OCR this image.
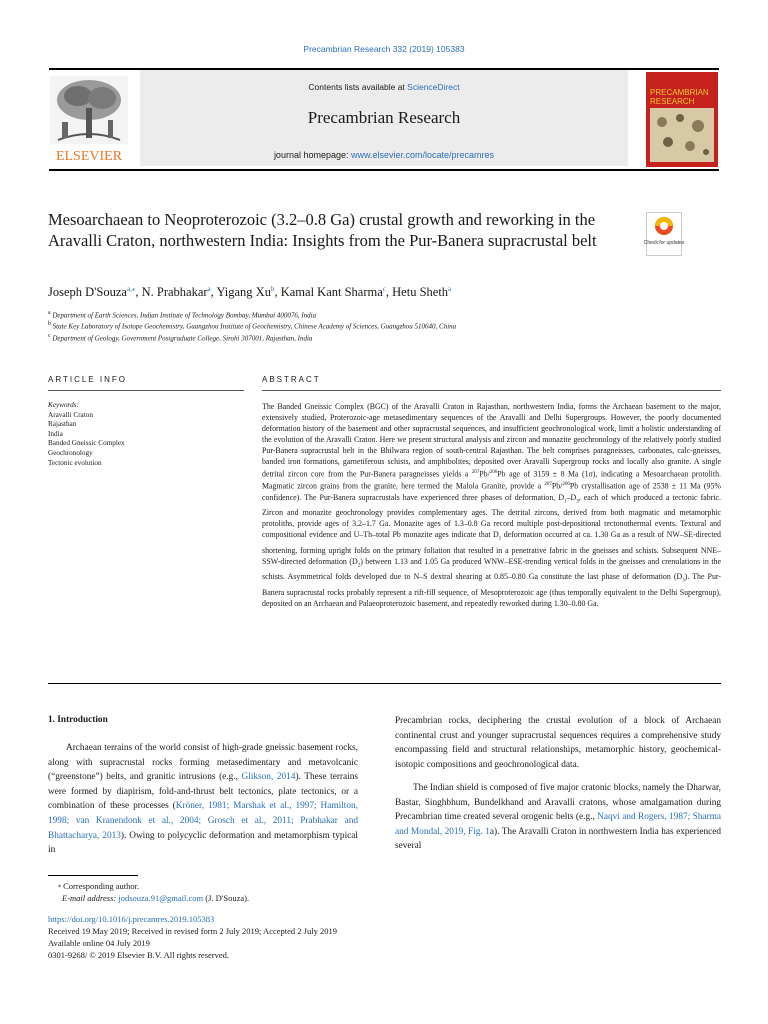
Precambrian Research 332 (2019) 105383
ELSEVIER
Contents lists available at ScienceDirect
Precambrian Research
journal homepage: www.elsevier.com/locate/precamres
PRECAMBRIAN RESEARCH
Mesoarchaean to Neoproterozoic (3.2–0.8 Ga) crustal growth and reworking in the Aravalli Craton, northwestern India: Insights from the Pur-Banera supracrustal belt	Check for updates
Joseph D'Souza$^{a,⁎}$, N. Prabhakar$^a$, Yigang Xu$^b$, Kamal Kant Sharma$^c$, Hetu Sheth$^a$
$^a$ Department of Earth Sciences, Indian Institute of Technology Bombay, Mumbai 400076, India
$^b$ State Key Laboratory of Isotope Geochemistry, Guangzhou Institute of Geochemistry, Chinese Academy of Sciences, Guangzhou 510640, China
$^c$ Department of Geology, Government Postgraduate College, Sirohi 307001, Rajasthan, India
ARTICLE INFO	ABSTRACT
Keywords:
Aravalli Craton
Rajasthan
India
Banded Gneissic Complex
Geochronology
Tectonic evolution
The Banded Gneissic Complex (BGC) of the Aravalli Craton in Rajasthan, northwestern India, forms the Archaean basement to the major, extensively studied, Proterozoic-age metasedimentary sequences of the Aravalli and Delhi Supergroups. However, the poorly documented deformation history of the basement and other supracrustal sequences, and insufficient geochronological work, limit a holistic understanding of the evolution of the Aravalli Craton. Here we present structural analysis and zircon and monazite geochronology of the relatively poorly studied Pur-Banera supracrustal belt in the Bhilwara region of south-central Rajasthan. The belt comprises paragneisses, carbonates, calc-gneisses, banded iron formations, garnetiferous schists, and amphibolites, deposited over Aravalli Supergroup rocks and locally also granite. A single detrital zircon core from the Pur-Banera paragneisses yields a $^{207}$Pb/$^{206}$Pb age of 3159 ± 8 Ma (1σ), indicating a Mesoarchaean protolith. Magmatic zircon grains from the granite, here termed the Malola Granite, provide a $^{207}$Pb/$^{206}$Pb crystallisation age of 2538 ± 11 Ma (95% confidence). The Pur-Banera supracrustals have experienced three phases of deformation, $D_1-D_3$, each of which produced a tectonic fabric. Zircon and monazite geochronology provides complementary ages. The detrital zircons, derived from both magmatic and metamorphic protoliths, provide ages of 3.2–1.7 Ga. Monazite ages of 1.3–0.8 Ga record multiple post-depositional tectonothermal events. Textural and compositional evidence and U–Th–total Pb monazite ages indicate that $D_1$ deformation occurred at ca. 1.30 Ga as a result of NW–SE-directed shortening, forming upright folds on the primary foliation that resulted in a penetrative fabric in the gneisses and schists. Subsequent NNE–SSW-directed deformation $(D_2)$ between 1.13 and 1.05 Ga produced WNW–ESE-trending vertical folds in the gneisses and crenulations in the schists. Asymmetrical folds developed due to N–S dextral shearing at 0.85–0.80 Ga constitute the last phase of deformation $(D_3)$. The Pur-Banera supracrustal rocks probably represent a rift-fill sequence, of Mesoproterozoic age (thus temporally equivalent to the Delhi Supergroup), deposited on an Archaean and Palaeoproterozoic basement, and repeatedly reworked during 1.30–0.80 Ga.
1. Introduction
Archaean terrains of the world consist of high-grade gneissic basement rocks, along with supracrustal rocks forming metasedimentary and metavolcanic (“greenstone”) belts, and granitic intrusions (e.g., Glikson, 2014). These terrains were formed by diapirism, fold-and-thrust belt tectonics, plate tectonics, or a combination of these processes (Kröner, 1981; Marshak et al., 1997; Hamilton, 1998; van Kranendonk et al., 2004; Grosch et al., 2011; Prabhakar and Bhattacharya, 2013). Owing to polycyclic deformation and metamorphism typical in
Precambrian rocks, deciphering the crustal evolution of a block of Archaean continental crust and younger supracrustal sequences requires a comprehensive study encompassing field and structural relationships, metamorphic history, geochemical-isotopic compositions and geochronological data.
The Indian shield is composed of five major cratonic blocks, namely the Dharwar, Bastar, Singhbhum, Bundelkhand and Aravalli cratons, whose amalgamation during Precambrian time created several orogenic belts (e.g., Naqvi and Rogers, 1987; Sharma and Mondal, 2019, Fig. 1a). The Aravalli Craton in northwestern India has experienced several
⁎ Corresponding author.
E-mail address: jodsouza.91@gmail.com (J. D'Souza).
https://doi.org/10.1016/j.precamres.2019.105383
Received 19 May 2019; Received in revised form 2 July 2019; Accepted 2 July 2019
Available online 04 July 2019
0301-9268/ © 2019 Elsevier B.V. All rights reserved.
